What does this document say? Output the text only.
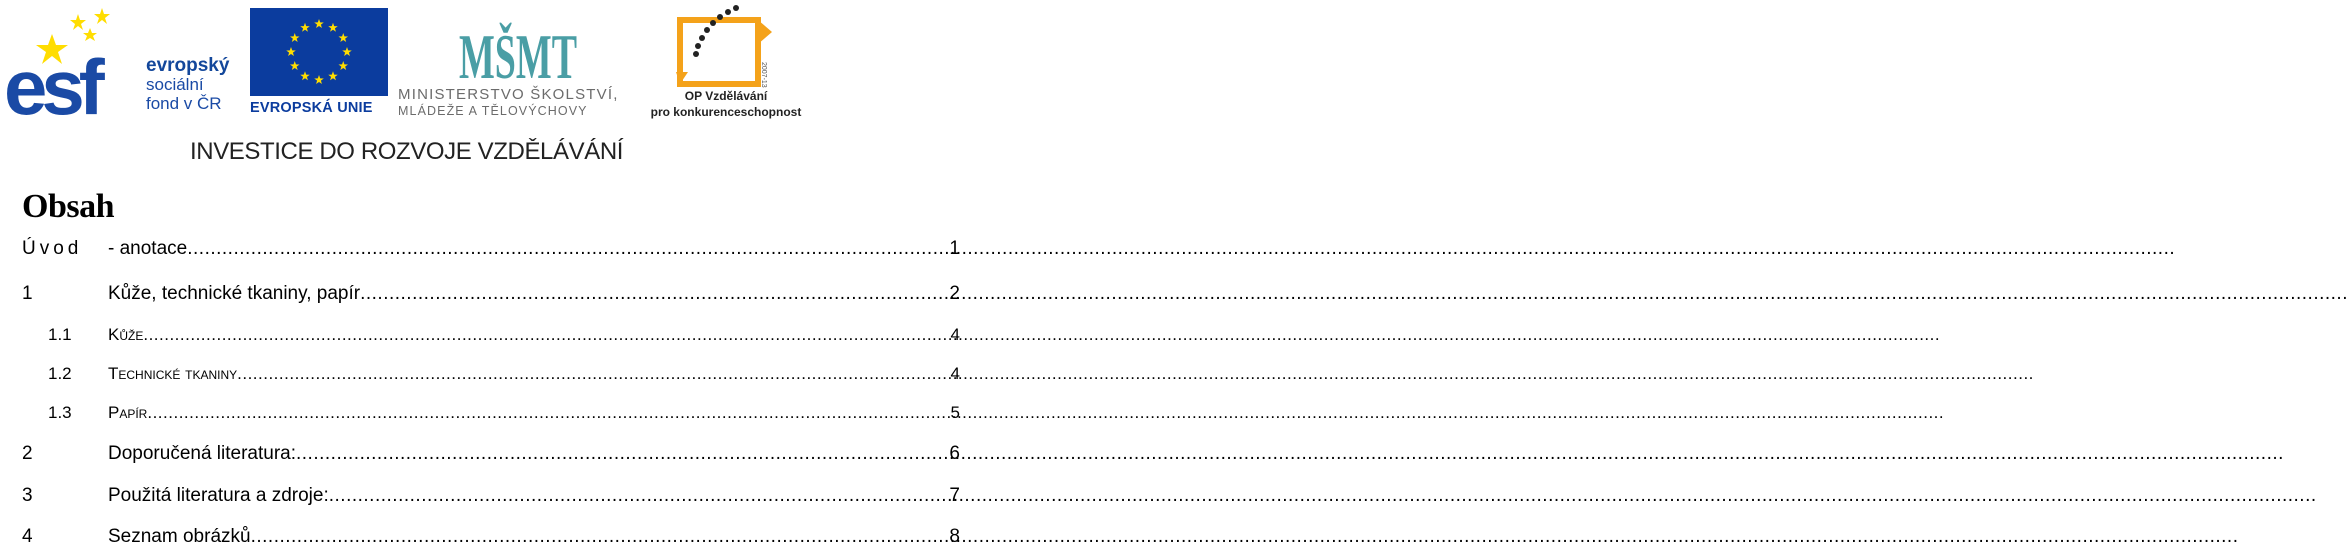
esf	evropský
sociální
fond v ČR	EVROPSKÁ UNIE
MŠMT
MINISTERSTVO ŠKOLSTVÍ,
MLÁDEŽE A TĚLOVÝCHOVY
2007-13
OP Vzdělávání
pro konkurenceschopnost
INVESTICE DO ROZVOJE VZDĚLÁVÁNÍ
Obsah
Úvod	- anotace .....	1
1	Kůže, technické tkaniny, papír .....	2
1.1	Kůže .....	4
1.2	Technické tkaniny .....	4
1.3	Papír .....	5
2	Doporučená literatura: .....	6
3	Použitá literatura a zdroje: .....	7
4	Seznam obrázků .....	8
